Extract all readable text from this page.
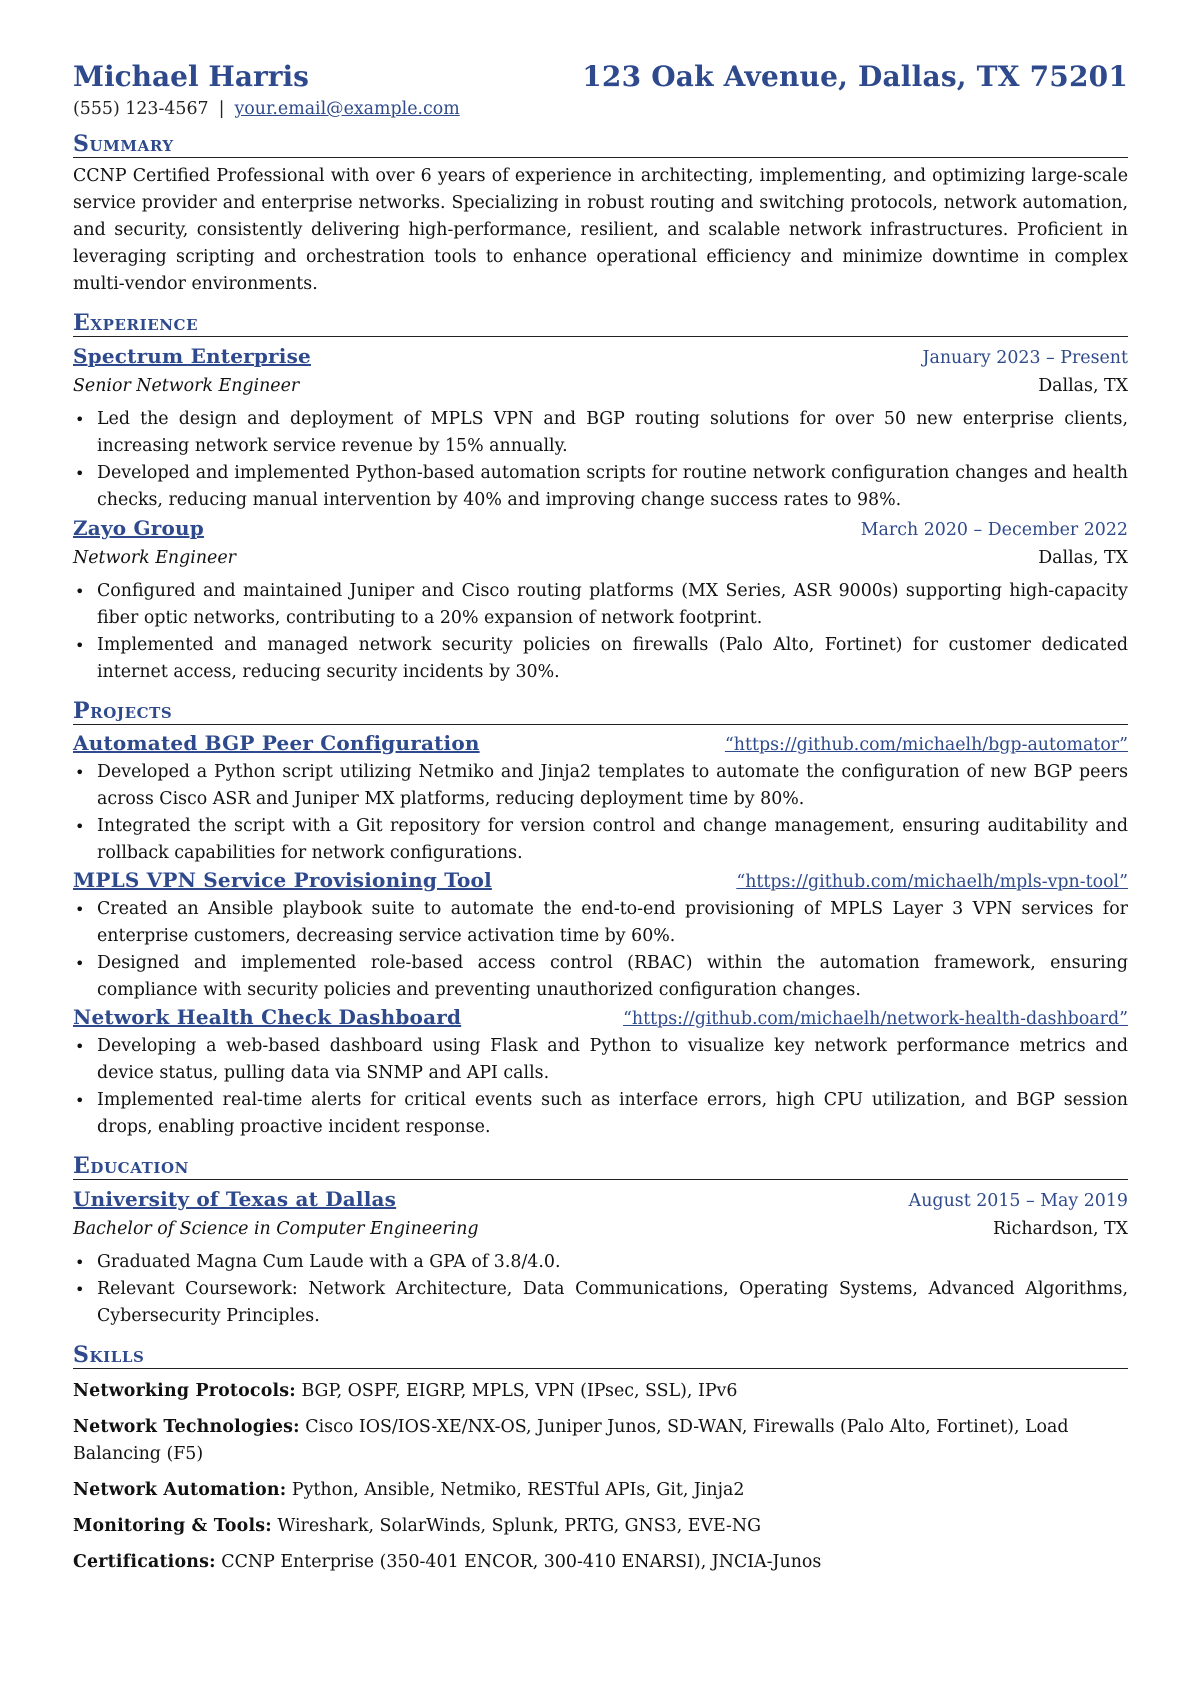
Michael Harris	123 Oak Avenue, Dallas, TX 75201
(555) 123-4567 | your.email@example.com
Summary

CCNP Certified Professional with over 6 years of experience in architecting, implementing, and optimizing large-scale service provider and enterprise networks. Specializing in robust routing and switching protocols, network automation, and security, consistently delivering high-performance, resilient, and scalable network infrastructures. Proficient in leveraging scripting and orchestration tools to enhance operational efficiency and minimize downtime in complex multi-vendor environments.

Experience
Spectrum Enterprise	January 2023 – Present
Senior Network Engineer	Dallas, TX
• Led the design and deployment of MPLS VPN and BGP routing solutions for over 50 new enterprise clients, increasing network service revenue by 15% annually.
• Developed and implemented Python-based automation scripts for routine network configuration changes and health checks, reducing manual intervention by 40% and improving change success rates to 98%.
Zayo Group	March 2020 – December 2022
Network Engineer	Dallas, TX
• Configured and maintained Juniper and Cisco routing platforms (MX Series, ASR 9000s) supporting high-capacity fiber optic networks, contributing to a 20% expansion of network footprint.
• Implemented and managed network security policies on firewalls (Palo Alto, Fortinet) for customer dedicated internet access, reducing security incidents by 30%.
Projects
Automated BGP Peer Configuration	“https://github.com/michaelh/bgp-automator”
• Developed a Python script utilizing Netmiko and Jinja2 templates to automate the configuration of new BGP peers across Cisco ASR and Juniper MX platforms, reducing deployment time by 80%.
• Integrated the script with a Git repository for version control and change management, ensuring auditability and rollback capabilities for network configurations.
MPLS VPN Service Provisioning Tool	“https://github.com/michaelh/mpls-vpn-tool”
• Created an Ansible playbook suite to automate the end-to-end provisioning of MPLS Layer 3 VPN services for enterprise customers, decreasing service activation time by 60%.
• Designed and implemented role-based access control (RBAC) within the automation framework, ensuring compliance with security policies and preventing unauthorized configuration changes.
Network Health Check Dashboard	“https://github.com/michaelh/network-health-dashboard”
• Developing a web-based dashboard using Flask and Python to visualize key network performance metrics and device status, pulling data via SNMP and API calls.
• Implemented real-time alerts for critical events such as interface errors, high CPU utilization, and BGP session drops, enabling proactive incident response.
Education
University of Texas at Dallas	August 2015 – May 2019
Bachelor of Science in Computer Engineering	Richardson, TX
• Graduated Magna Cum Laude with a GPA of 3.8/4.0.
• Relevant Coursework: Network Architecture, Data Communications, Operating Systems, Advanced Algorithms, Cybersecurity Principles.
Skills
Networking Protocols: BGP, OSPF, EIGRP, MPLS, VPN (IPsec, SSL), IPv6
Network Technologies: Cisco IOS/IOS-XE/NX-OS, Juniper Junos, SD-WAN, Firewalls (Palo Alto, Fortinet), Load Balancing (F5)
Network Automation: Python, Ansible, Netmiko, RESTful APIs, Git, Jinja2
Monitoring & Tools: Wireshark, SolarWinds, Splunk, PRTG, GNS3, EVE-NG
Certifications: CCNP Enterprise (350-401 ENCOR, 300-410 ENARSI), JNCIA-Junos
